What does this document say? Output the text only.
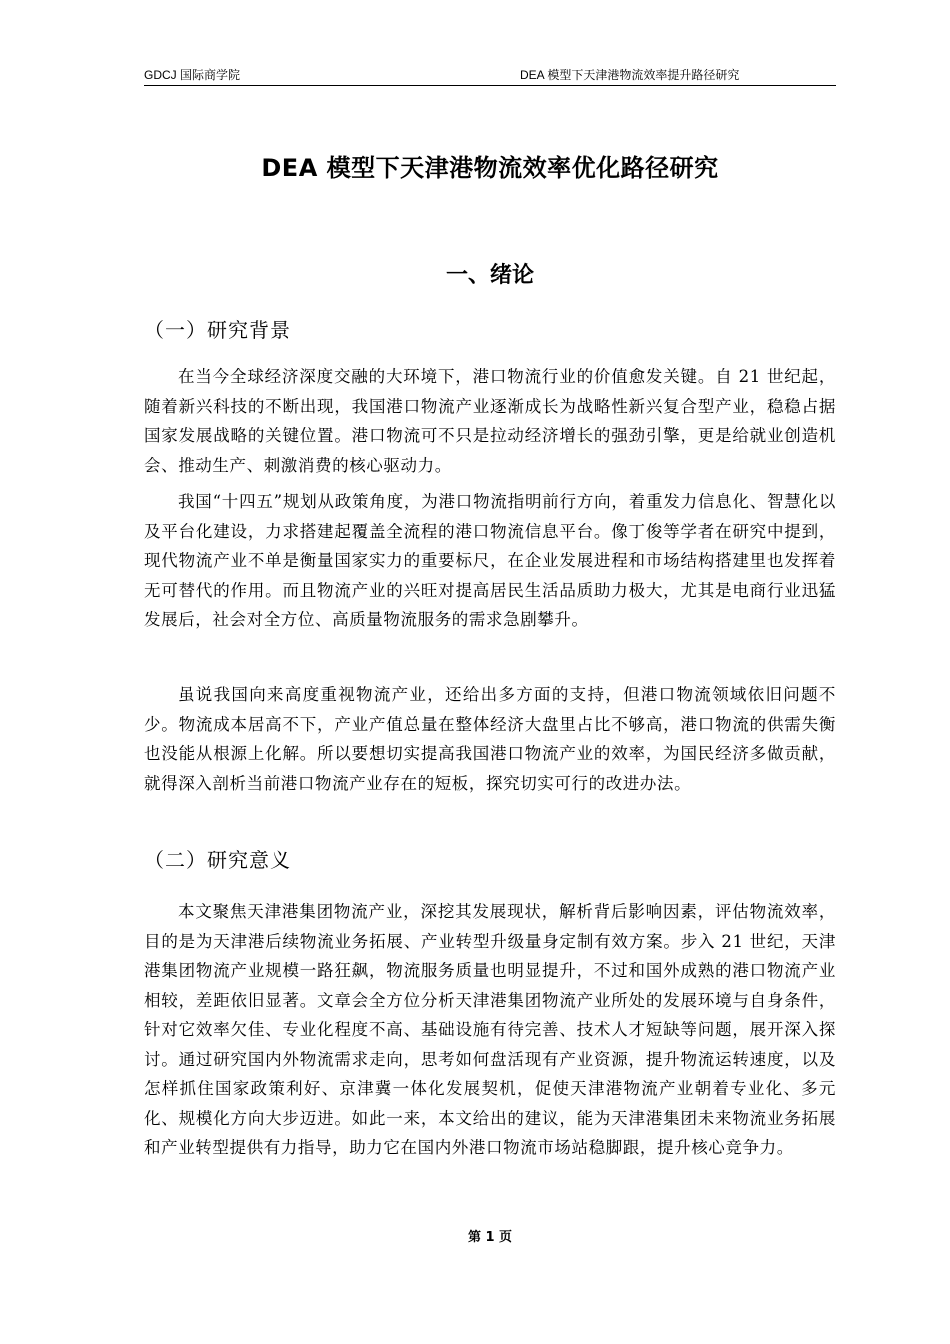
GDCJ 国际商学院	DEA 模型下天津港物流效率提升路径研究
DEA 模型下天津港物流效率优化路径研究
一、绪论
（一）研究背景

在当今全球经济深度交融的大环境下，港口物流行业的价值愈发关键。自 21 世纪起，随着新兴科技的不断出现，我国港口物流产业逐渐成长为战略性新兴复合型产业，稳稳占据国家发展战略的关键位置。港口物流可不只是拉动经济增长的强劲引擎，更是给就业创造机会、推动生产、刺激消费的核心驱动力。

我国“十四五”规划从政策角度，为港口物流指明前行方向，着重发力信息化、智慧化以及平台化建设，力求搭建起覆盖全流程的港口物流信息平台。像丁俊等学者在研究中提到，现代物流产业不单是衡量国家实力的重要标尺，在企业发展进程和市场结构搭建里也发挥着无可替代的作用。而且物流产业的兴旺对提高居民生活品质助力极大，尤其是电商行业迅猛发展后，社会对全方位、高质量物流服务的需求急剧攀升。

虽说我国向来高度重视物流产业，还给出多方面的支持，但港口物流领域依旧问题不少。物流成本居高不下，产业产值总量在整体经济大盘里占比不够高，港口物流的供需失衡也没能从根源上化解。所以要想切实提高我国港口物流产业的效率，为国民经济多做贡献，就得深入剖析当前港口物流产业存在的短板，探究切实可行的改进办法。

（二）研究意义

本文聚焦天津港集团物流产业，深挖其发展现状，解析背后影响因素，评估物流效率，目的是为天津港后续物流业务拓展、产业转型升级量身定制有效方案。步入 21 世纪，天津港集团物流产业规模一路狂飙，物流服务质量也明显提升，不过和国外成熟的港口物流产业相较，差距依旧显著。文章会全方位分析天津港集团物流产业所处的发展环境与自身条件，针对它效率欠佳、专业化程度不高、基础设施有待完善、技术人才短缺等问题，展开深入探讨。通过研究国内外物流需求走向，思考如何盘活现有产业资源，提升物流运转速度，以及怎样抓住国家政策利好、京津冀一体化发展契机，促使天津港物流产业朝着专业化、多元化、规模化方向大步迈进。如此一来，本文给出的建议，能为天津港集团未来物流业务拓展和产业转型提供有力指导，助力它在国内外港口物流市场站稳脚跟，提升核心竞争力。

第 1 页
